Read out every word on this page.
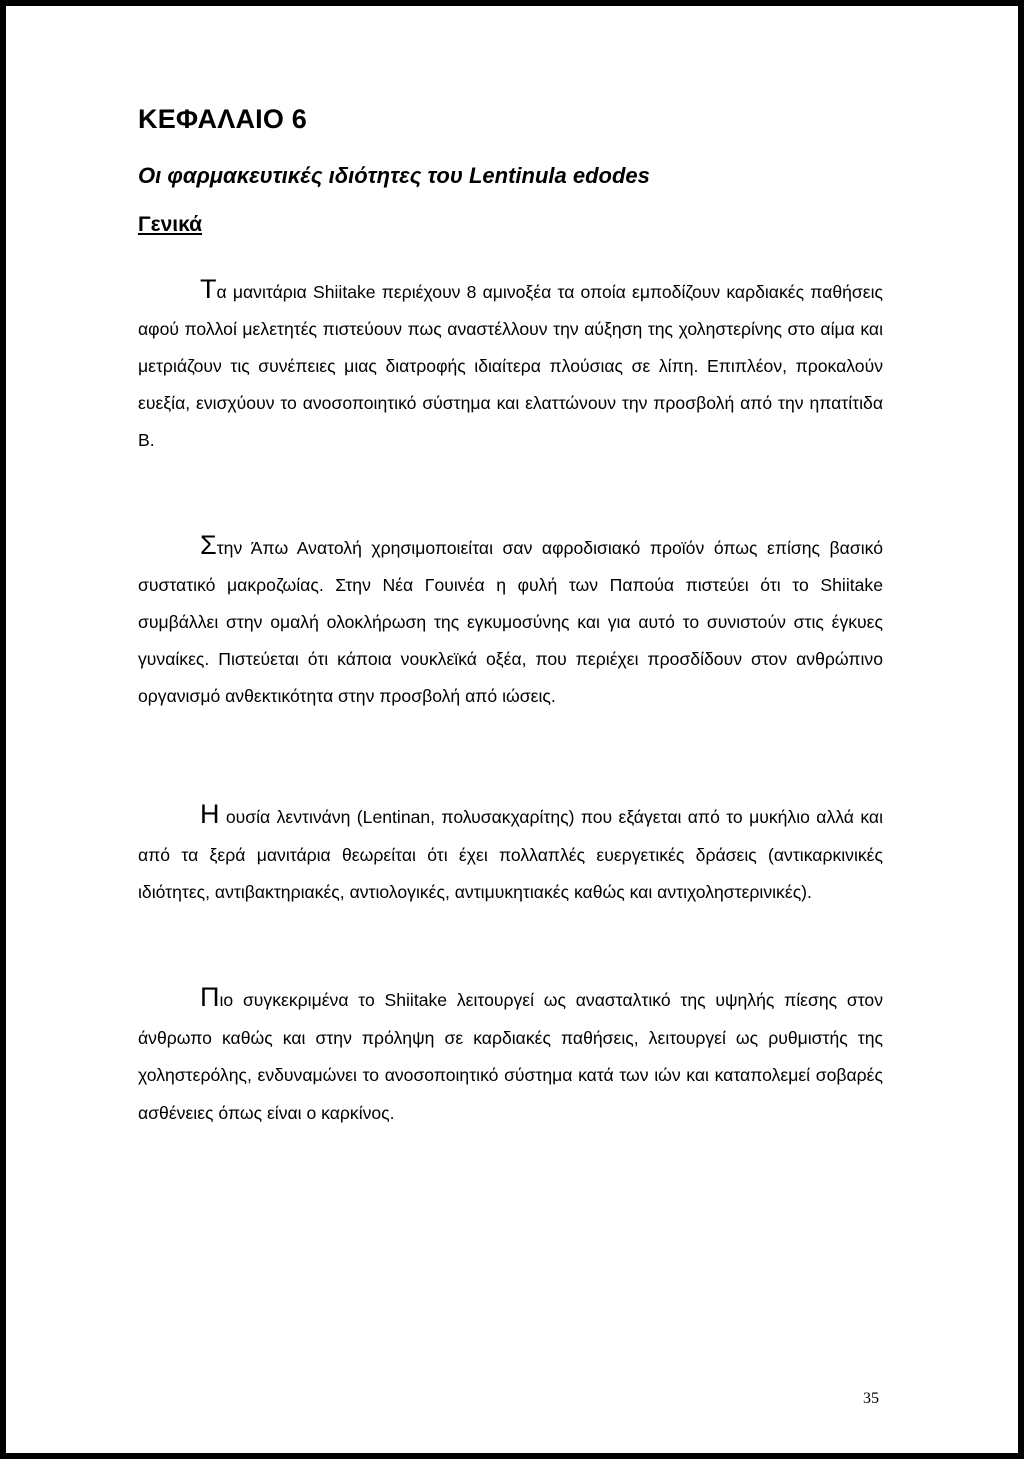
ΚΕΦΑΛΑΙΟ 6
Οι φαρμακευτικές ιδιότητες του Lentinula edodes
Γενικά

Τα μανιτάρια Shiitake περιέχουν 8 αμινοξέα τα οποία εμποδίζουν καρδιακές παθήσεις αφού πολλοί μελετητές πιστεύουν πως αναστέλλουν την αύξηση της χοληστερίνης στο αίμα και μετριάζουν τις συνέπειες μιας διατροφής ιδιαίτερα πλούσιας σε λίπη. Επιπλέον, προκαλούν ευεξία, ενισχύουν το ανοσοποιητικό σύστημα και ελαττώνουν την προσβολή από την ηπατίτιδα Β.

Στην Άπω Ανατολή χρησιμοποιείται σαν αφροδισιακό προϊόν όπως επίσης βασικό συστατικό μακροζωίας. Στην Νέα Γουινέα η φυλή των Παπούα πιστεύει ότι το Shiitake συμβάλλει στην ομαλή ολοκλήρωση της εγκυμοσύνης και για αυτό το συνιστούν στις έγκυες γυναίκες. Πιστεύεται ότι κάποια νουκλεϊκά οξέα, που περιέχει προσδίδουν στον ανθρώπινο οργανισμό ανθεκτικότητα στην προσβολή από ιώσεις.

Η ουσία λεντινάνη (Lentinan, πολυσακχαρίτης) που εξάγεται από το μυκήλιο αλλά και από τα ξερά μανιτάρια θεωρείται ότι έχει πολλαπλές ευεργετικές δράσεις (αντικαρκινικές ιδιότητες, αντιβακτηριακές, αντιολογικές, αντιμυκητιακές καθώς και αντιχοληστερινικές).

Πιο συγκεκριμένα το Shiitake λειτουργεί ως ανασταλτικό της υψηλής πίεσης στον άνθρωπο καθώς και στην πρόληψη σε καρδιακές παθήσεις, λειτουργεί ως ρυθμιστής της χοληστερόλης, ενδυναμώνει το ανοσοποιητικό σύστημα κατά των ιών και καταπολεμεί σοβαρές ασθένειες όπως είναι ο καρκίνος.

35
